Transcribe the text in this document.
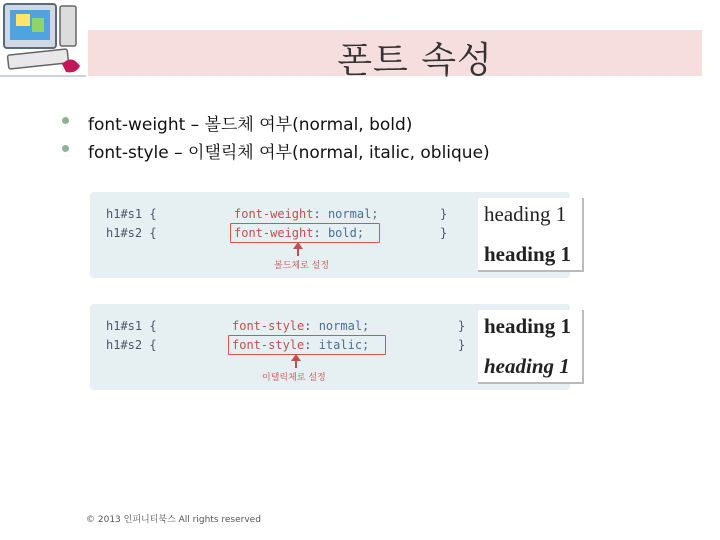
폰트 속성
font-weight – 볼드체 여부(normal, bold)
font-style – 이탤릭체 여부(normal, italic, oblique)
h1#s1 {
h1#s2 {
font-weight: normal;
font-weight: bold;
}
}
볼드체로 설정
heading 1
heading 1
h1#s1 {
h1#s2 {
font-style: normal;
font-style: italic;
}
}
이탤릭체로 설정
heading 1
heading 1
© 2013 인피니티북스 All rights reserved
